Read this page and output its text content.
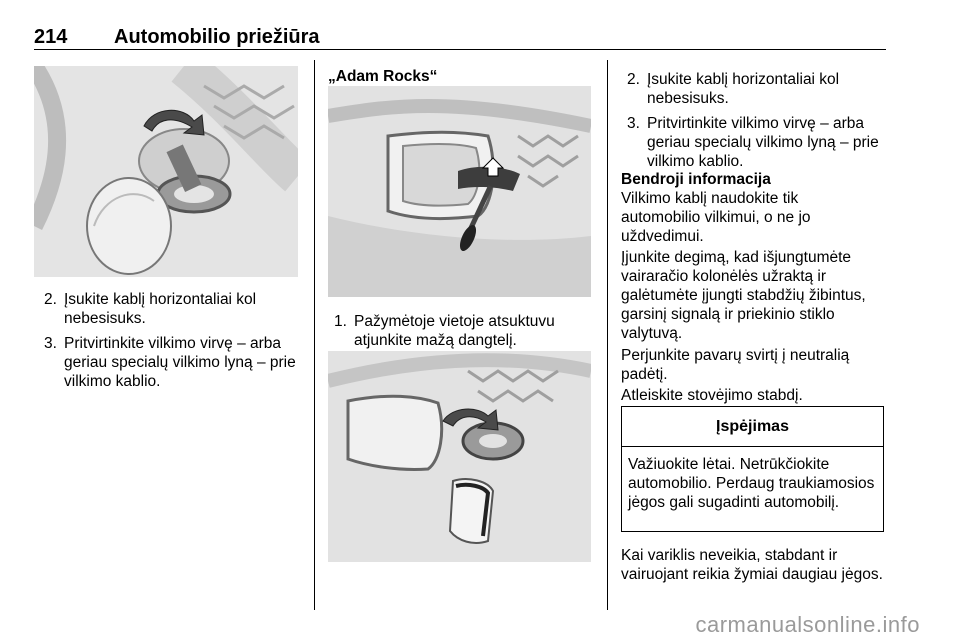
214 Automobilio priežiūra
2. Įsukite kablį horizontaliai kol nebesisuks.
3. Pritvirtinkite vilkimo virvę – arba geriau specialų vilkimo lyną – prie vilkimo kablio.
„Adam Rocks“
1. Pažymėtoje vietoje atsuktuvu atjunkite mažą dangtelį.
2. Įsukite kablį horizontaliai kol nebesisuks.
3. Pritvirtinkite vilkimo virvę – arba geriau specialų vilkimo lyną – prie vilkimo kablio.
Bendroji informacija

Vilkimo kablį naudokite tik automobilio vilkimui, o ne jo uždvedimui.

Įjunkite degimą, kad išjungtumėte vairaračio kolonėlės užraktą ir galėtumėte įjungti stabdžių žibintus, garsinį signalą ir priekinio stiklo valytuvą.

Perjunkite pavarų svirtį į neutralią padėtį.

Atleiskite stovėjimo stabdį.

Įspėjimas
Važiuokite lėtai. Netrūkčiokite automobilio. Perdaug traukiamosios jėgos gali sugadinti automobilį.

Kai variklis neveikia, stabdant ir vairuojant reikia žymiai daugiau jėgos.

carmanualsonline.info
